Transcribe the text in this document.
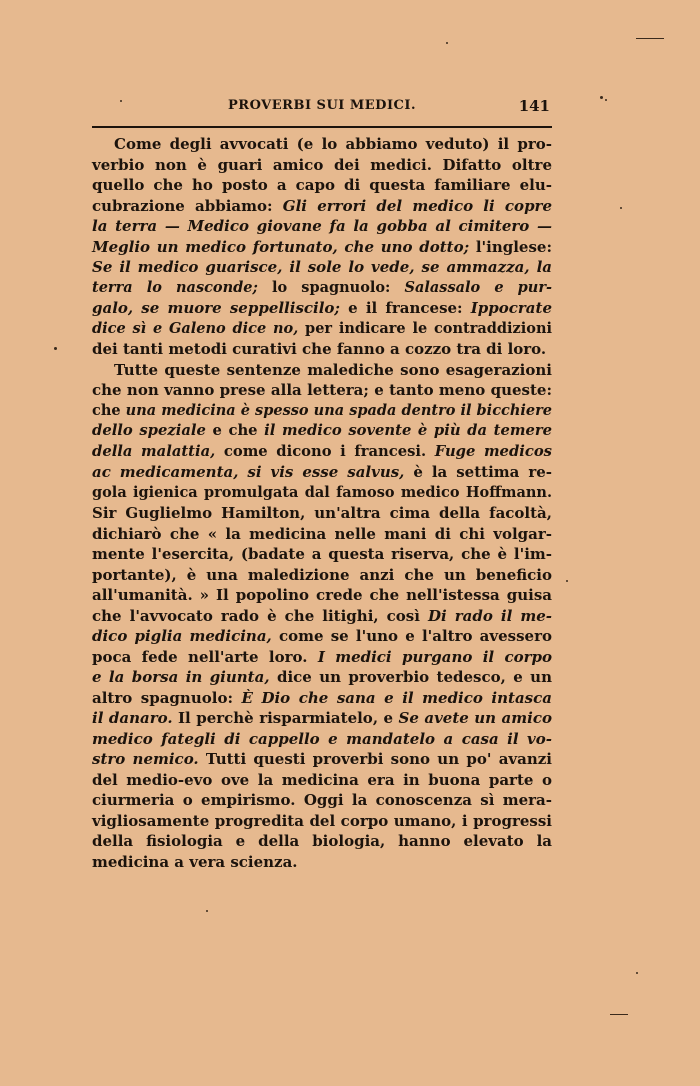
PROVERBI SUI MEDICI.	141
Come degli avvocati (e lo abbiamo veduto) il pro-
verbio non è guari amico dei medici. Difatto oltre
quello che ho posto a capo di questa familiare elu-
cubrazione abbiamo: Gli errori del medico li copre
la terra — Medico giovane fa la gobba al cimitero —
Meglio un medico fortunato, che uno dotto; l'inglese:
Se il medico guarisce, il sole lo vede, se ammazza, la
terra lo nasconde; lo spagnuolo: Salassalo e pur-
galo, se muore seppelliscilo; e il francese: Ippocrate
dice sì e Galeno dice no, per indicare le contraddizioni
dei tanti metodi curativi che fanno a cozzo tra di loro.
Tutte queste sentenze malediche sono esagerazioni
che non vanno prese alla lettera; e tanto meno queste:
che una medicina è spesso una spada dentro il bicchiere
dello speziale e che il medico sovente è più da temere
della malattia, come dicono i francesi. Fuge medicos
ac medicamenta, si vis esse salvus, è la settima re-
gola igienica promulgata dal famoso medico Hoffmann.
Sir Guglielmo Hamilton, un'altra cima della facoltà,
dichiarò che « la medicina nelle mani di chi volgar-
mente l'esercita, (badate a questa riserva, che è l'im-
portante), è una maledizione anzi che un beneficio
all'umanità. » Il popolino crede che nell'istessa guisa
che l'avvocato rado è che litighi, così Di rado il me-
dico piglia medicina, come se l'uno e l'altro avessero
poca fede nell'arte loro. I medici purgano il corpo
e la borsa in giunta, dice un proverbio tedesco, e un
altro spagnuolo: È Dio che sana e il medico intasca
il danaro. Il perchè risparmiatelo, e Se avete un amico
medico fategli di cappello e mandatelo a casa il vo-
stro nemico. Tutti questi proverbi sono un po' avanzi
del medio-evo ove la medicina era in buona parte o
ciurmeria o empirismo. Oggi la conoscenza sì mera-
vigliosamente progredita del corpo umano, i progressi
della fisiologia e della biologia, hanno elevato la
medicina a vera scienza.
